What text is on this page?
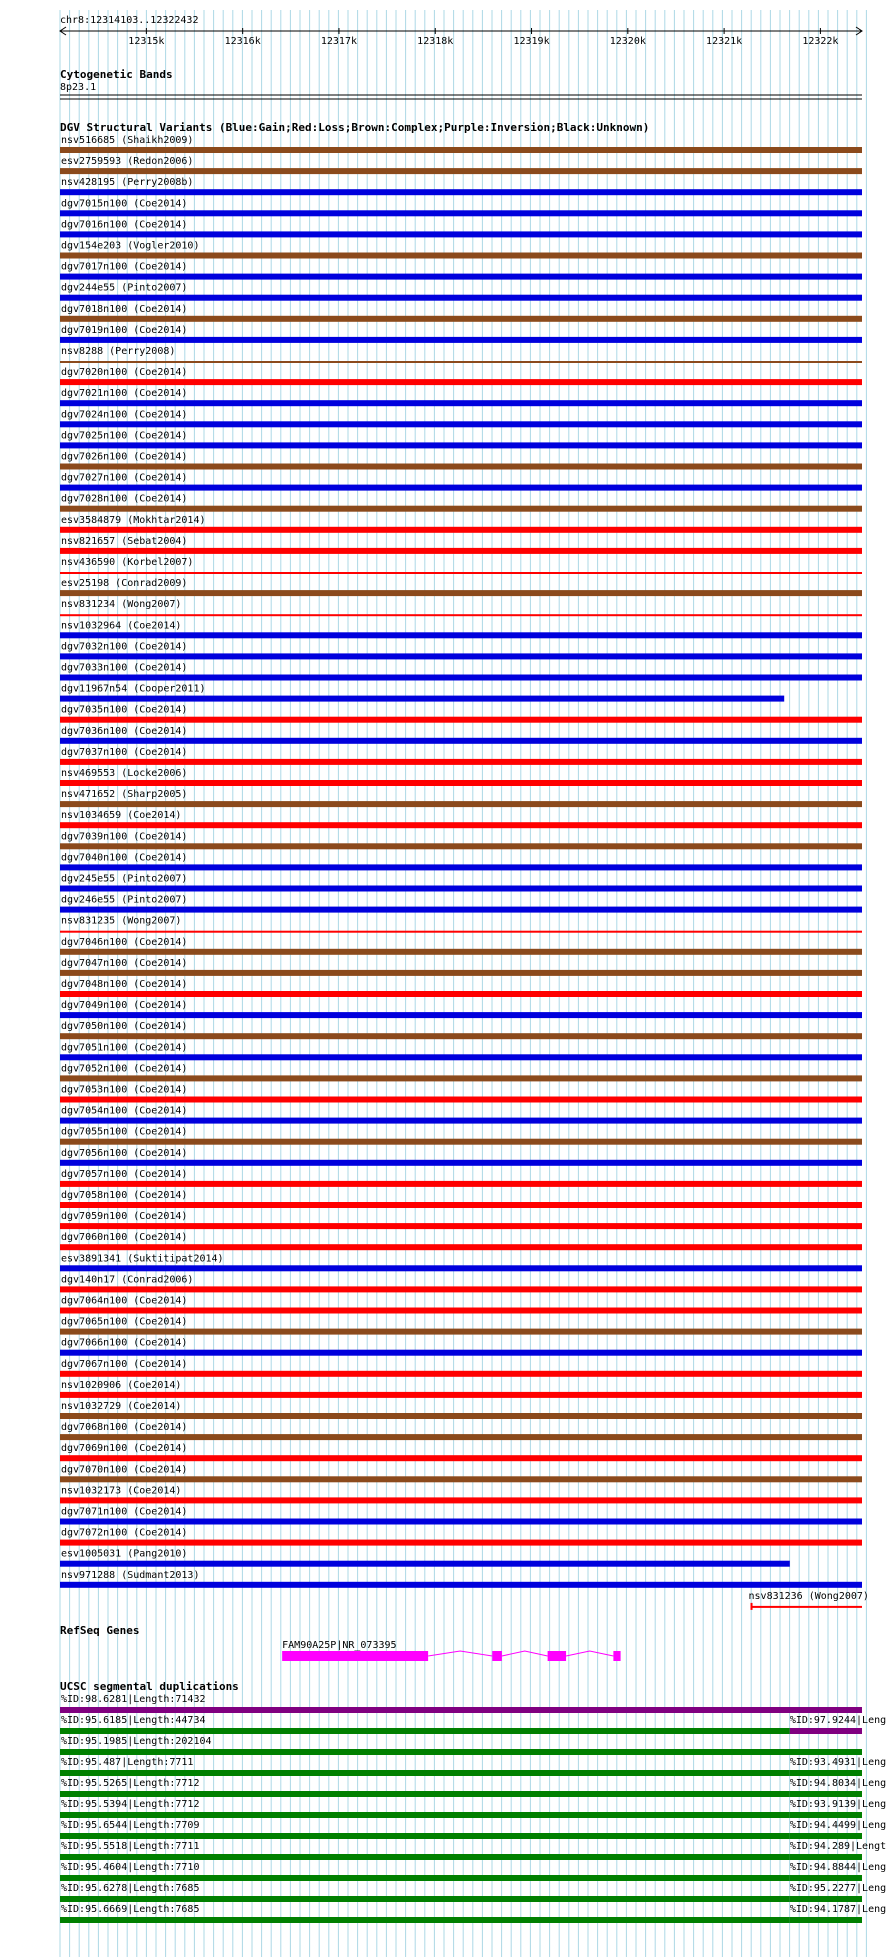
chr8:12314103..12322432
12315k	12316k	12317k	12318k	12319k	12320k	12321k	12322k
Cytogenetic Bands
8p23.1
DGV Structural Variants (Blue:Gain;Red:Loss;Brown:Complex;Purple:Inversion;Black:Unknown)
nsv516685 (Shaikh2009)
esv2759593 (Redon2006)
nsv428195 (Perry2008b)
dgv7015n100 (Coe2014)
dgv7016n100 (Coe2014)
dgv154e203 (Vogler2010)
dgv7017n100 (Coe2014)
dgv244e55 (Pinto2007)
dgv7018n100 (Coe2014)
dgv7019n100 (Coe2014)
nsv8288 (Perry2008)
dgv7020n100 (Coe2014)
dgv7021n100 (Coe2014)
dgv7024n100 (Coe2014)
dgv7025n100 (Coe2014)
dgv7026n100 (Coe2014)
dgv7027n100 (Coe2014)
dgv7028n100 (Coe2014)
esv3584879 (Mokhtar2014)
nsv821657 (Sebat2004)
nsv436590 (Korbel2007)
esv25198 (Conrad2009)
nsv831234 (Wong2007)
nsv1032964 (Coe2014)
dgv7032n100 (Coe2014)
dgv7033n100 (Coe2014)
dgv11967n54 (Cooper2011)
dgv7035n100 (Coe2014)
dgv7036n100 (Coe2014)
dgv7037n100 (Coe2014)
nsv469553 (Locke2006)
nsv471652 (Sharp2005)
nsv1034659 (Coe2014)
dgv7039n100 (Coe2014)
dgv7040n100 (Coe2014)
dgv245e55 (Pinto2007)
dgv246e55 (Pinto2007)
nsv831235 (Wong2007)
dgv7046n100 (Coe2014)
dgv7047n100 (Coe2014)
dgv7048n100 (Coe2014)
dgv7049n100 (Coe2014)
dgv7050n100 (Coe2014)
dgv7051n100 (Coe2014)
dgv7052n100 (Coe2014)
dgv7053n100 (Coe2014)
dgv7054n100 (Coe2014)
dgv7055n100 (Coe2014)
dgv7056n100 (Coe2014)
dgv7057n100 (Coe2014)
dgv7058n100 (Coe2014)
dgv7059n100 (Coe2014)
dgv7060n100 (Coe2014)
esv3891341 (Suktitipat2014)
dgv140n17 (Conrad2006)
dgv7064n100 (Coe2014)
dgv7065n100 (Coe2014)
dgv7066n100 (Coe2014)
dgv7067n100 (Coe2014)
nsv1020906 (Coe2014)
nsv1032729 (Coe2014)
dgv7068n100 (Coe2014)
dgv7069n100 (Coe2014)
dgv7070n100 (Coe2014)
nsv1032173 (Coe2014)
dgv7071n100 (Coe2014)
dgv7072n100 (Coe2014)
esv1005031 (Pang2010)
nsv971288 (Sudmant2013)
nsv831236 (Wong2007)
RefSeq Genes
FAM90A25P|NR_073395
UCSC segmental duplications
%ID:98.6281|Length:71432
%ID:95.6185|Length:44734	%ID:97.9244|Leng
%ID:95.1985|Length:202104
%ID:95.487|Length:7711	%ID:93.4931|Leng
%ID:95.5265|Length:7712	%ID:94.8034|Leng
%ID:95.5394|Length:7712	%ID:93.9139|Leng
%ID:95.6544|Length:7709	%ID:94.4499|Leng
%ID:95.5518|Length:7711	%ID:94.289|Lengt
%ID:95.4604|Length:7710	%ID:94.8844|Leng
%ID:95.6278|Length:7685	%ID:95.2277|Leng
%ID:95.6669|Length:7685	%ID:94.1787|Leng
